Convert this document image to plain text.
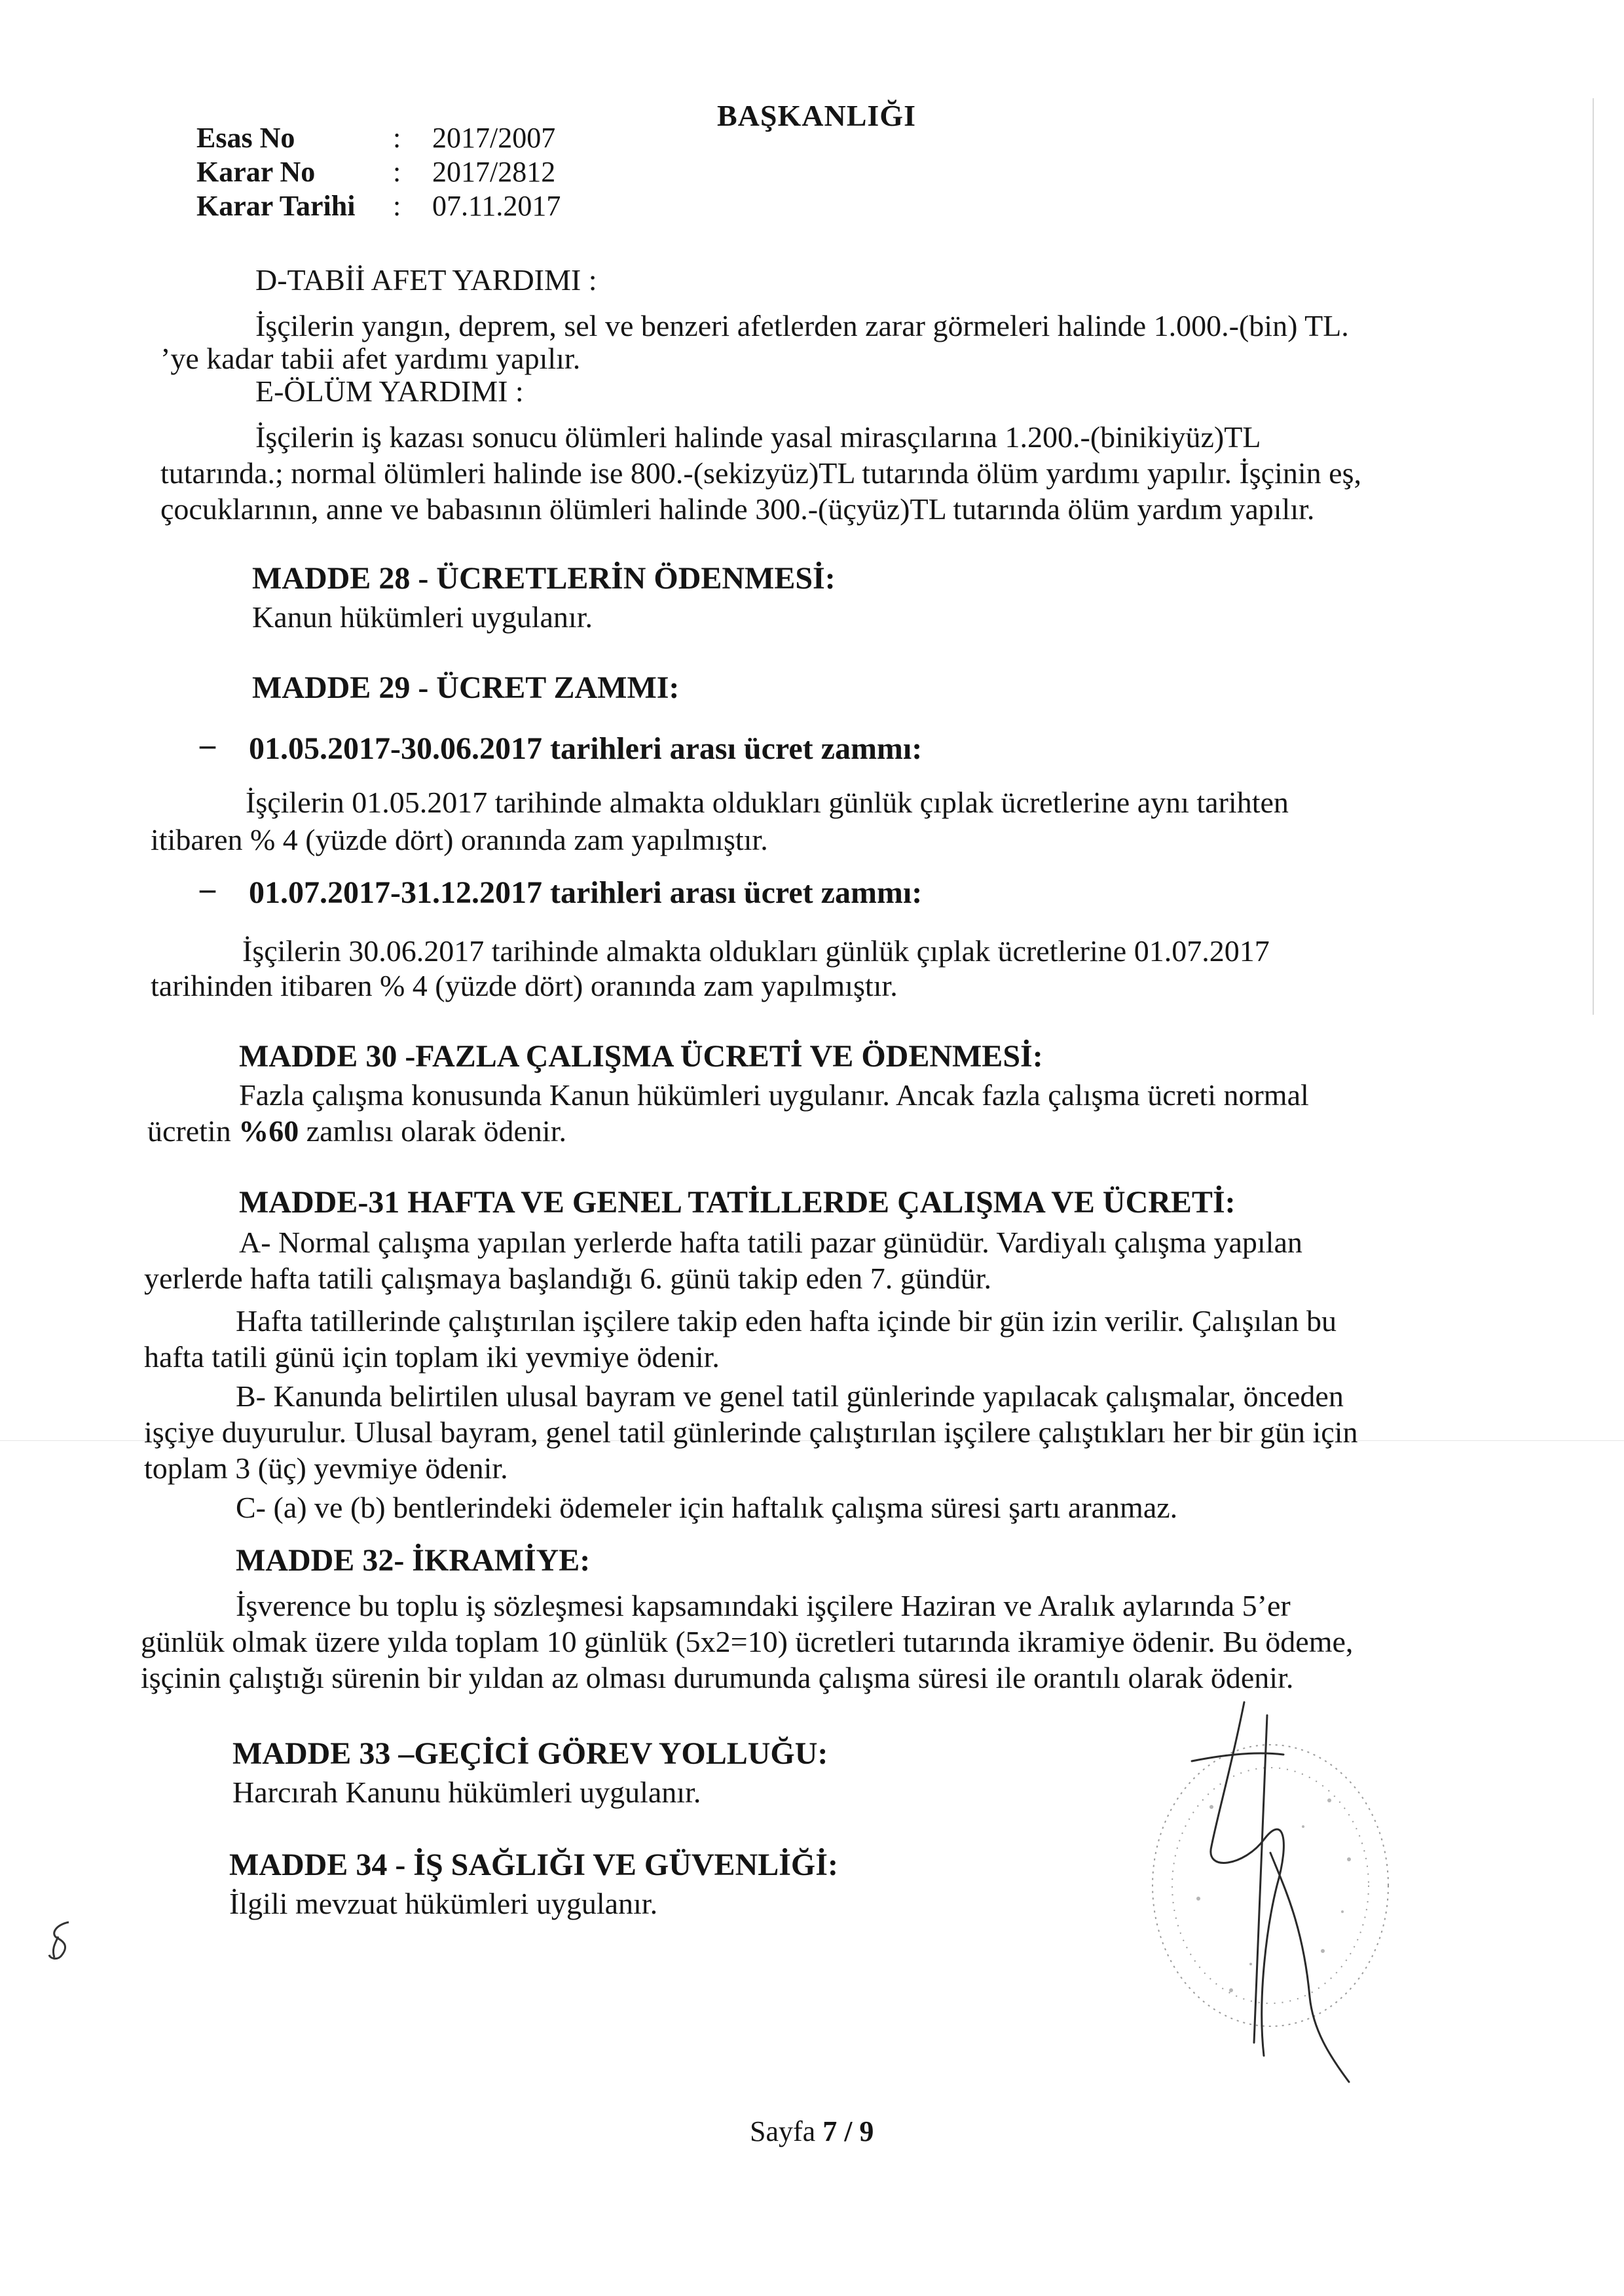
BAŞKANLIĞI
Esas No	:	2017/2007
Karar No	:	2017/2812
Karar Tarihi	:	07.11.2017
D-TABİİ AFET YARDIMI :
İşçilerin yangın, deprem, sel ve benzeri afetlerden zarar görmeleri halinde 1.000.-(bin) TL.
’ye kadar tabii afet yardımı yapılır.
E-ÖLÜM YARDIMI :
İşçilerin iş kazası sonucu ölümleri halinde yasal mirasçılarına 1.200.-(binikiyüz)TL
tutarında.; normal ölümleri halinde ise 800.-(sekizyüz)TL tutarında ölüm yardımı yapılır. İşçinin eş,
çocuklarının, anne ve babasının ölümleri halinde 300.-(üçyüz)TL tutarında ölüm yardım yapılır.
MADDE 28 - ÜCRETLERİN ÖDENMESİ:
Kanun hükümleri uygulanır.
MADDE 29 - ÜCRET ZAMMI:
– 01.05.2017-30.06.2017 tarihleri arası ücret zammı:
İşçilerin 01.05.2017 tarihinde almakta oldukları günlük çıplak ücretlerine aynı tarihten
itibaren % 4 (yüzde dört) oranında zam yapılmıştır.
– 01.07.2017-31.12.2017 tarihleri arası ücret zammı:
İşçilerin 30.06.2017 tarihinde almakta oldukları günlük çıplak ücretlerine 01.07.2017
tarihinden itibaren % 4 (yüzde dört) oranında zam yapılmıştır.
MADDE 30 -FAZLA ÇALIŞMA ÜCRETİ VE ÖDENMESİ:
Fazla çalışma konusunda Kanun hükümleri uygulanır. Ancak fazla çalışma ücreti normal
ücretin %60 zamlısı olarak ödenir.
MADDE-31 HAFTA VE GENEL TATİLLERDE ÇALIŞMA VE ÜCRETİ:
A- Normal çalışma yapılan yerlerde hafta tatili pazar günüdür. Vardiyalı çalışma yapılan
yerlerde hafta tatili çalışmaya başlandığı 6. günü takip eden 7. gündür.
Hafta tatillerinde çalıştırılan işçilere takip eden hafta içinde bir gün izin verilir. Çalışılan bu
hafta tatili günü için toplam iki yevmiye ödenir.
B- Kanunda belirtilen ulusal bayram ve genel tatil günlerinde yapılacak çalışmalar, önceden
işçiye duyurulur. Ulusal bayram, genel tatil günlerinde çalıştırılan işçilere çalıştıkları her bir gün için
toplam 3 (üç) yevmiye ödenir.
C- (a) ve (b) bentlerindeki ödemeler için haftalık çalışma süresi şartı aranmaz.
MADDE 32- İKRAMİYE:
İşverence bu toplu iş sözleşmesi kapsamındaki işçilere Haziran ve Aralık aylarında 5’er
günlük olmak üzere yılda toplam 10 günlük (5x2=10) ücretleri tutarında ikramiye ödenir. Bu ödeme,
işçinin çalıştığı sürenin bir yıldan az olması durumunda çalışma süresi ile orantılı olarak ödenir.
MADDE 33 –GEÇİCİ GÖREV YOLLUĞU:
Harcırah Kanunu hükümleri uygulanır.
MADDE 34 - İŞ SAĞLIĞI VE GÜVENLİĞİ:
İlgili mevzuat hükümleri uygulanır.
Sayfa 7 / 9
